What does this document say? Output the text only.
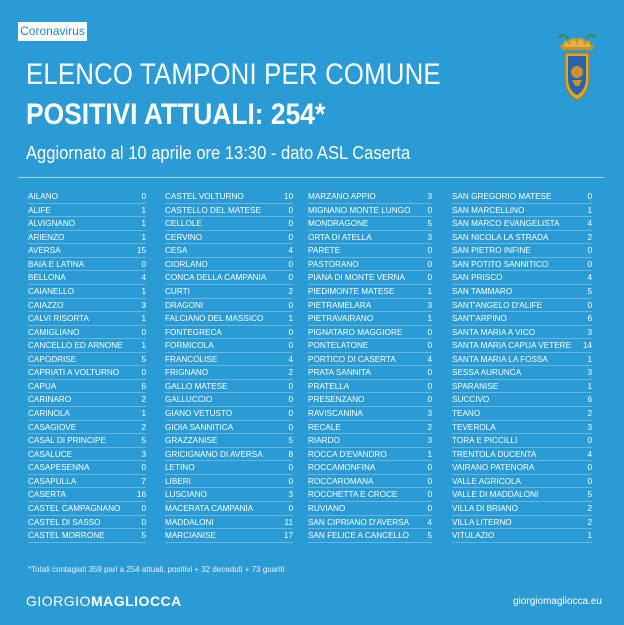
Coronavirus
ELENCO TAMPONI PER COMUNE
POSITIVI ATTUALI: 254*
Aggiornato al 10 aprile ore 13:30 - dato ASL Caserta
AILANO	0
ALIFE	1
ALVIGNANO	1
ARIENZO	1
AVERSA	15
BAIA E LATINA	0
BELLONA	4
CAIANELLO	1
CAIAZZO	3
CALVI RISORTA	1
CAMIGLIANO	0
CANCELLO ED ARNONE 1
CAPODRISE	5
CAPRIATI A VOLTURNO	0
CAPUA	6
CARINARO	2
CARINOLA	1
CASAGIOVE	2
CASAL DI PRINCIPE	5
CASALUCE	3
CASAPESENNA	0
CASAPULLA	7
CASERTA	16
CASTEL CAMPAGNANO	0
CASTEL DI SASSO	0
CASTEL MORRONE	5
CASTEL VOLTURNO	10
CASTELLO DEL MATESE	0
CELLOLE	0
CERVINO	0
CESA	4
CIORLANO	0
CONCA DELLA CAMPANIA	0
CURTI	2
DRAGONI	0
FALCIANO DEL MASSICO	1
FONTEGRECA	0
FORMICOLA	0
FRANCOLISE	4
FRIGNANO	2
GALLO MATESE	0
GALLUCCIO	0
GIANO VETUSTO	0
GIOIA SANNITICA	0
GRAZZANISE	5
GRICIGNANO DI AVERSA	8
LETINO	0
LIBERI	0
LUSCIANO	3
MACERATA CAMPANIA	0
MADDALONI	11
MARCIANISE	17
MARZANO APPIO	3
MIGNANO MONTE LUNGO 0
MONDRAGONE	5
ORTA DI ATELLA	3
PARETE	0
PASTORANO	0
PIANA DI MONTE VERNA	0
PIEDIMONTE MATESE	1
PIETRAMELARA	3
PIETRAVAIRANO	1
PIGNATARO MAGGIORE	0
PONTELATONE	0
PORTICO DI CASERTA	4
PRATA SANNITA	0
PRATELLA	0
PRESENZANO	0
RAVISCANINA	3
RECALE	2
RIARDO	3
ROCCA D'EVANDRO	1
ROCCAMONFINA	0
ROCCAROMANA	0
ROCCHETTA E CROCE	0
RUVIANO	0
SAN CIPRIANO D'AVERSA 4
SAN FELICE A CANCELLO 5
SAN GREGORIO MATESE	0
SAN MARCELLINO	1
SAN MARCO EVANGELISTA	4
SAN NICOLA LA STRADA	2
SAN PIETRO INFINE	0
SAN POTITO SANNITICO	0
SAN PRISCO	4
SAN TAMMARO	5
SANT'ANGELO D'ALIFE	0
SANT'ARPINO	6
SANTA MARIA A VICO	3
SANTA MARIA CAPUA VETERE 14
SANTA MARIA LA FOSSA	1
SESSA AURUNCA	3
SPARANISE	1
SUCCIVO	6
TEANO	2
TEVEROLA	3
TORA E PICCILLI	0
TRENTOLA DUCENTA	4
VAIRANO PATENORA	0
VALLE AGRICOLA	0
VALLE DI MADDALONI	5
VILLA DI BRIANO	2
VILLA LITERNO	2
VITULAZIO	1
*Totali contagiati 359 pari a 254 attuali, positivi + 32 deceduti + 73 guariti
GIORGIOMAGLIOCCA	giorgiomagliocca.eu
